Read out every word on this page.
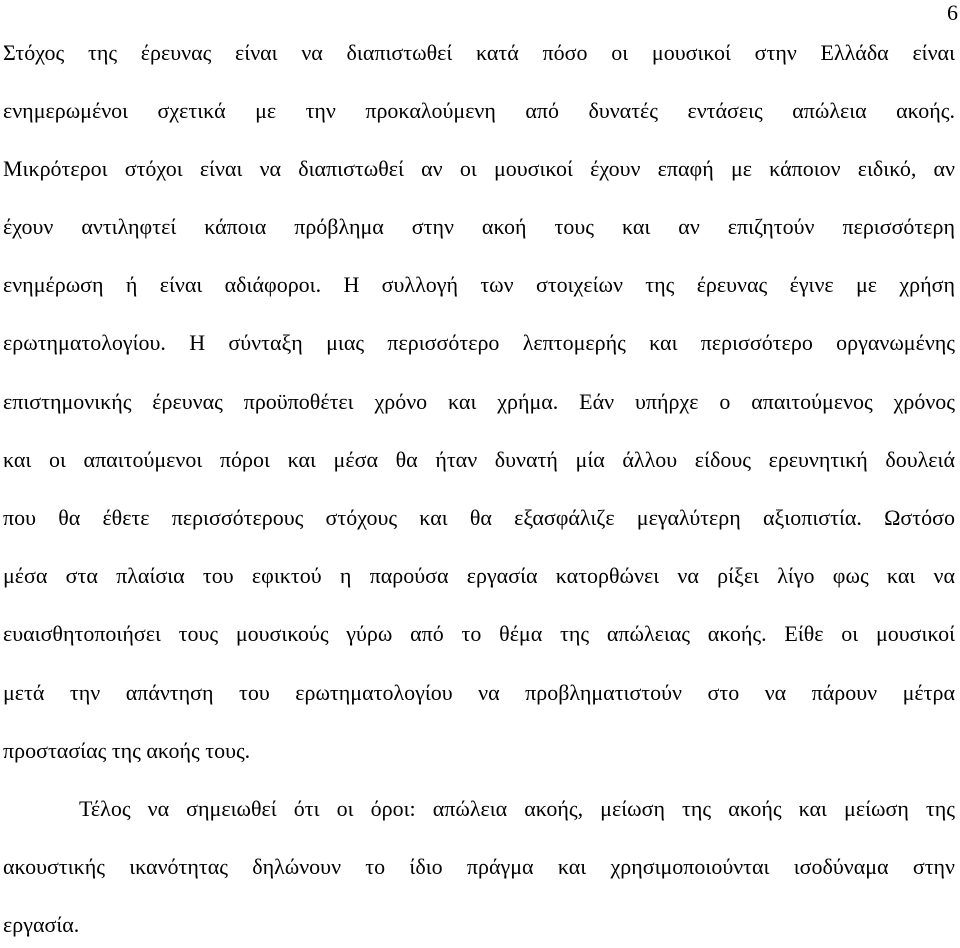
6
Στόχος της έρευνας είναι να διαπιστωθεί κατά πόσο οι μουσικοί στην Ελλάδα είναι
ενημερωμένοι σχετικά με την προκαλούμενη από δυνατές εντάσεις απώλεια ακοής.
Μικρότεροι στόχοι είναι να διαπιστωθεί αν οι μουσικοί έχουν επαφή με κάποιον ειδικό, αν
έχουν αντιληφτεί κάποια πρόβλημα στην ακοή τους και αν επιζητούν περισσότερη
ενημέρωση ή είναι αδιάφοροι. Η συλλογή των στοιχείων της έρευνας έγινε με χρήση
ερωτηματολογίου. Η σύνταξη μιας περισσότερο λεπτομερής και περισσότερο οργανωμένης
επιστημονικής έρευνας προϋποθέτει χρόνο και χρήμα. Εάν υπήρχε ο απαιτούμενος χρόνος
και οι απαιτούμενοι πόροι και μέσα θα ήταν δυνατή μία άλλου είδους ερευνητική δουλειά
που θα έθετε περισσότερους στόχους και θα εξασφάλιζε μεγαλύτερη αξιοπιστία. Ωστόσο
μέσα στα πλαίσια του εφικτού η παρούσα εργασία κατορθώνει να ρίξει λίγο φως και να
ευαισθητοποιήσει τους μουσικούς γύρω από το θέμα της απώλειας ακοής. Είθε οι μουσικοί
μετά την απάντηση του ερωτηματολογίου να προβληματιστούν στο να πάρουν μέτρα
προστασίας της ακοής τους.
Τέλος να σημειωθεί ότι οι όροι: απώλεια ακοής, μείωση της ακοής και μείωση της
ακουστικής ικανότητας δηλώνουν το ίδιο πράγμα και χρησιμοποιούνται ισοδύναμα στην
εργασία.
